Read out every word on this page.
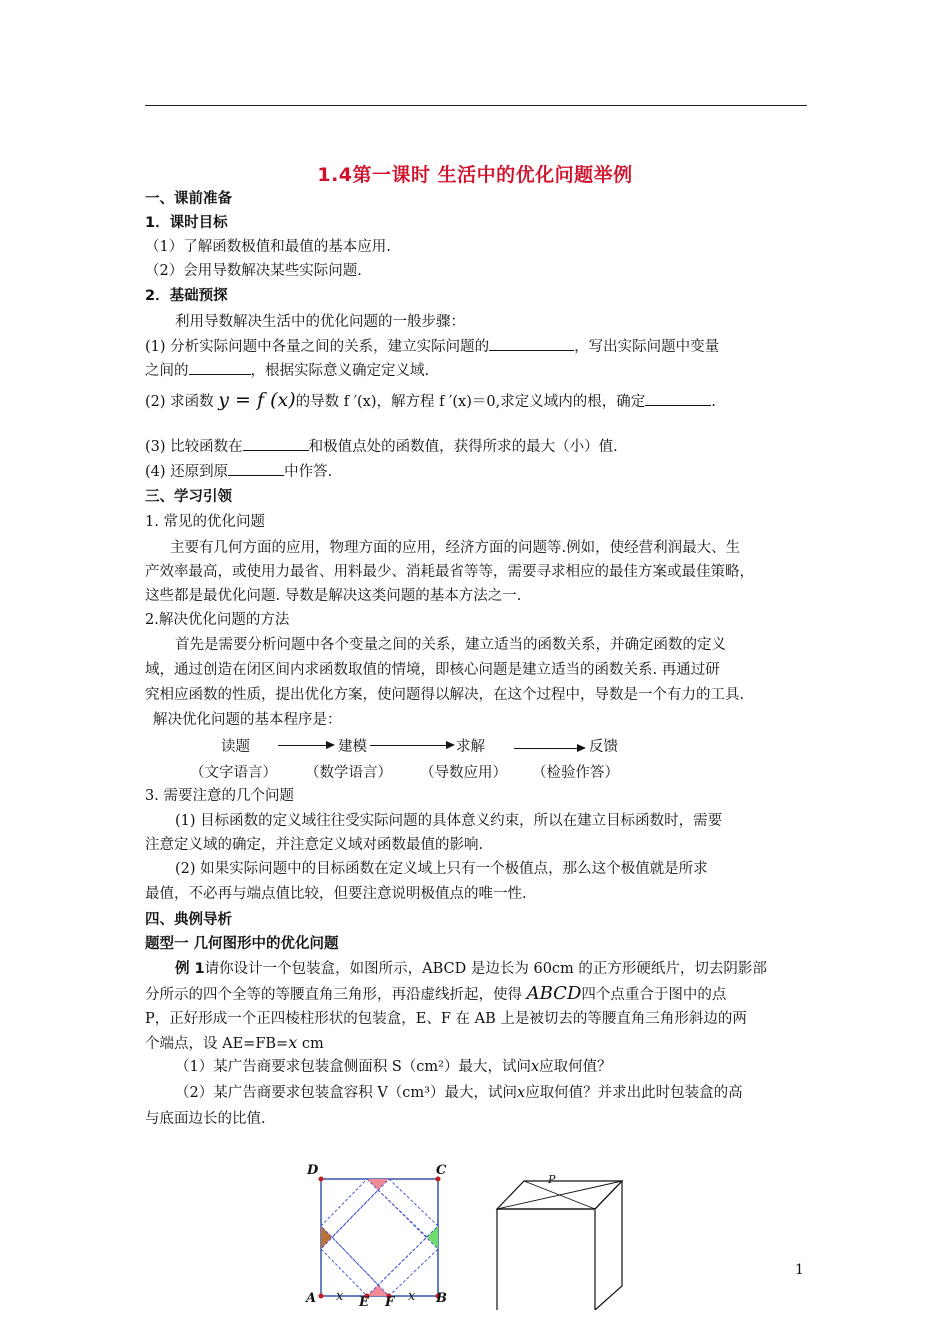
1.4第一课时 生活中的优化问题举例
一、课前准备
1．课时目标
（1）了解函数极值和最值的基本应用.
（2）会用导数解决某些实际问题.
2．基础预探
利用导数解决生活中的优化问题的一般步骤：
(1) 分析实际问题中各量之间的关系，建立实际问题的	，写出实际问题中变量
之间的	，根据实际意义确定定义域.
(2) 求函数 y = f (x)的导数 f ′(x)，解方程 f ′(x)＝0,求定义域内的根，确定	.
(3) 比较函数在	和极值点处的函数值，获得所求的最大（小）值.
(4) 还原到原	中作答.
三、学习引领
1. 常见的优化问题
主要有几何方面的应用，物理方面的应用，经济方面的问题等.例如，使经营利润最大、生
产效率最高，或使用力最省、用料最少、消耗最省等等，需要寻求相应的最佳方案或最佳策略，
这些都是最优化问题. 导数是解决这类问题的基本方法之一.
2.解决优化问题的方法
首先是需要分析问题中各个变量之间的关系，建立适当的函数关系，并确定函数的定义
域，通过创造在闭区间内求函数取值的情境，即核心问题是建立适当的函数关系. 再通过研
究相应函数的性质，提出优化方案，使问题得以解决，在这个过程中，导数是一个有力的工具.
解决优化问题的基本程序是：
读题	建模	求解	反馈
（文字语言） （数学语言） （导数应用） （检验作答）
3. 需要注意的几个问题
(1) 目标函数的定义域往往受实际问题的具体意义约束，所以在建立目标函数时，需要
注意定义域的确定，并注意定义域对函数最值的影响.
(2) 如果实际问题中的目标函数在定义域上只有一个极值点，那么这个极值就是所求
最值，不必再与端点值比较，但要注意说明极值点的唯一性.
四、典例导析
题型一 几何图形中的优化问题
例 1请你设计一个包装盒，如图所示，ABCD 是边长为 60cm 的正方形硬纸片，切去阴影部
分所示的四个全等的等腰直角三角形，再沿虚线折起，使得 ABCD四个点重合于图中的点
P，正好形成一个正四棱柱形状的包装盒，E、F 在 AB 上是被切去的等腰直角三角形斜边的两
个端点，设 AE=FB=x cm
（1）某广告商要求包装盒侧面积 S（cm²）最大，试问x应取何值？
（2）某广告商要求包装盒容积 V（cm³）最大，试问x应取何值？并求出此时包装盒的高
与底面边长的比值.
D	C
A	B
E F
x	x
P
1
